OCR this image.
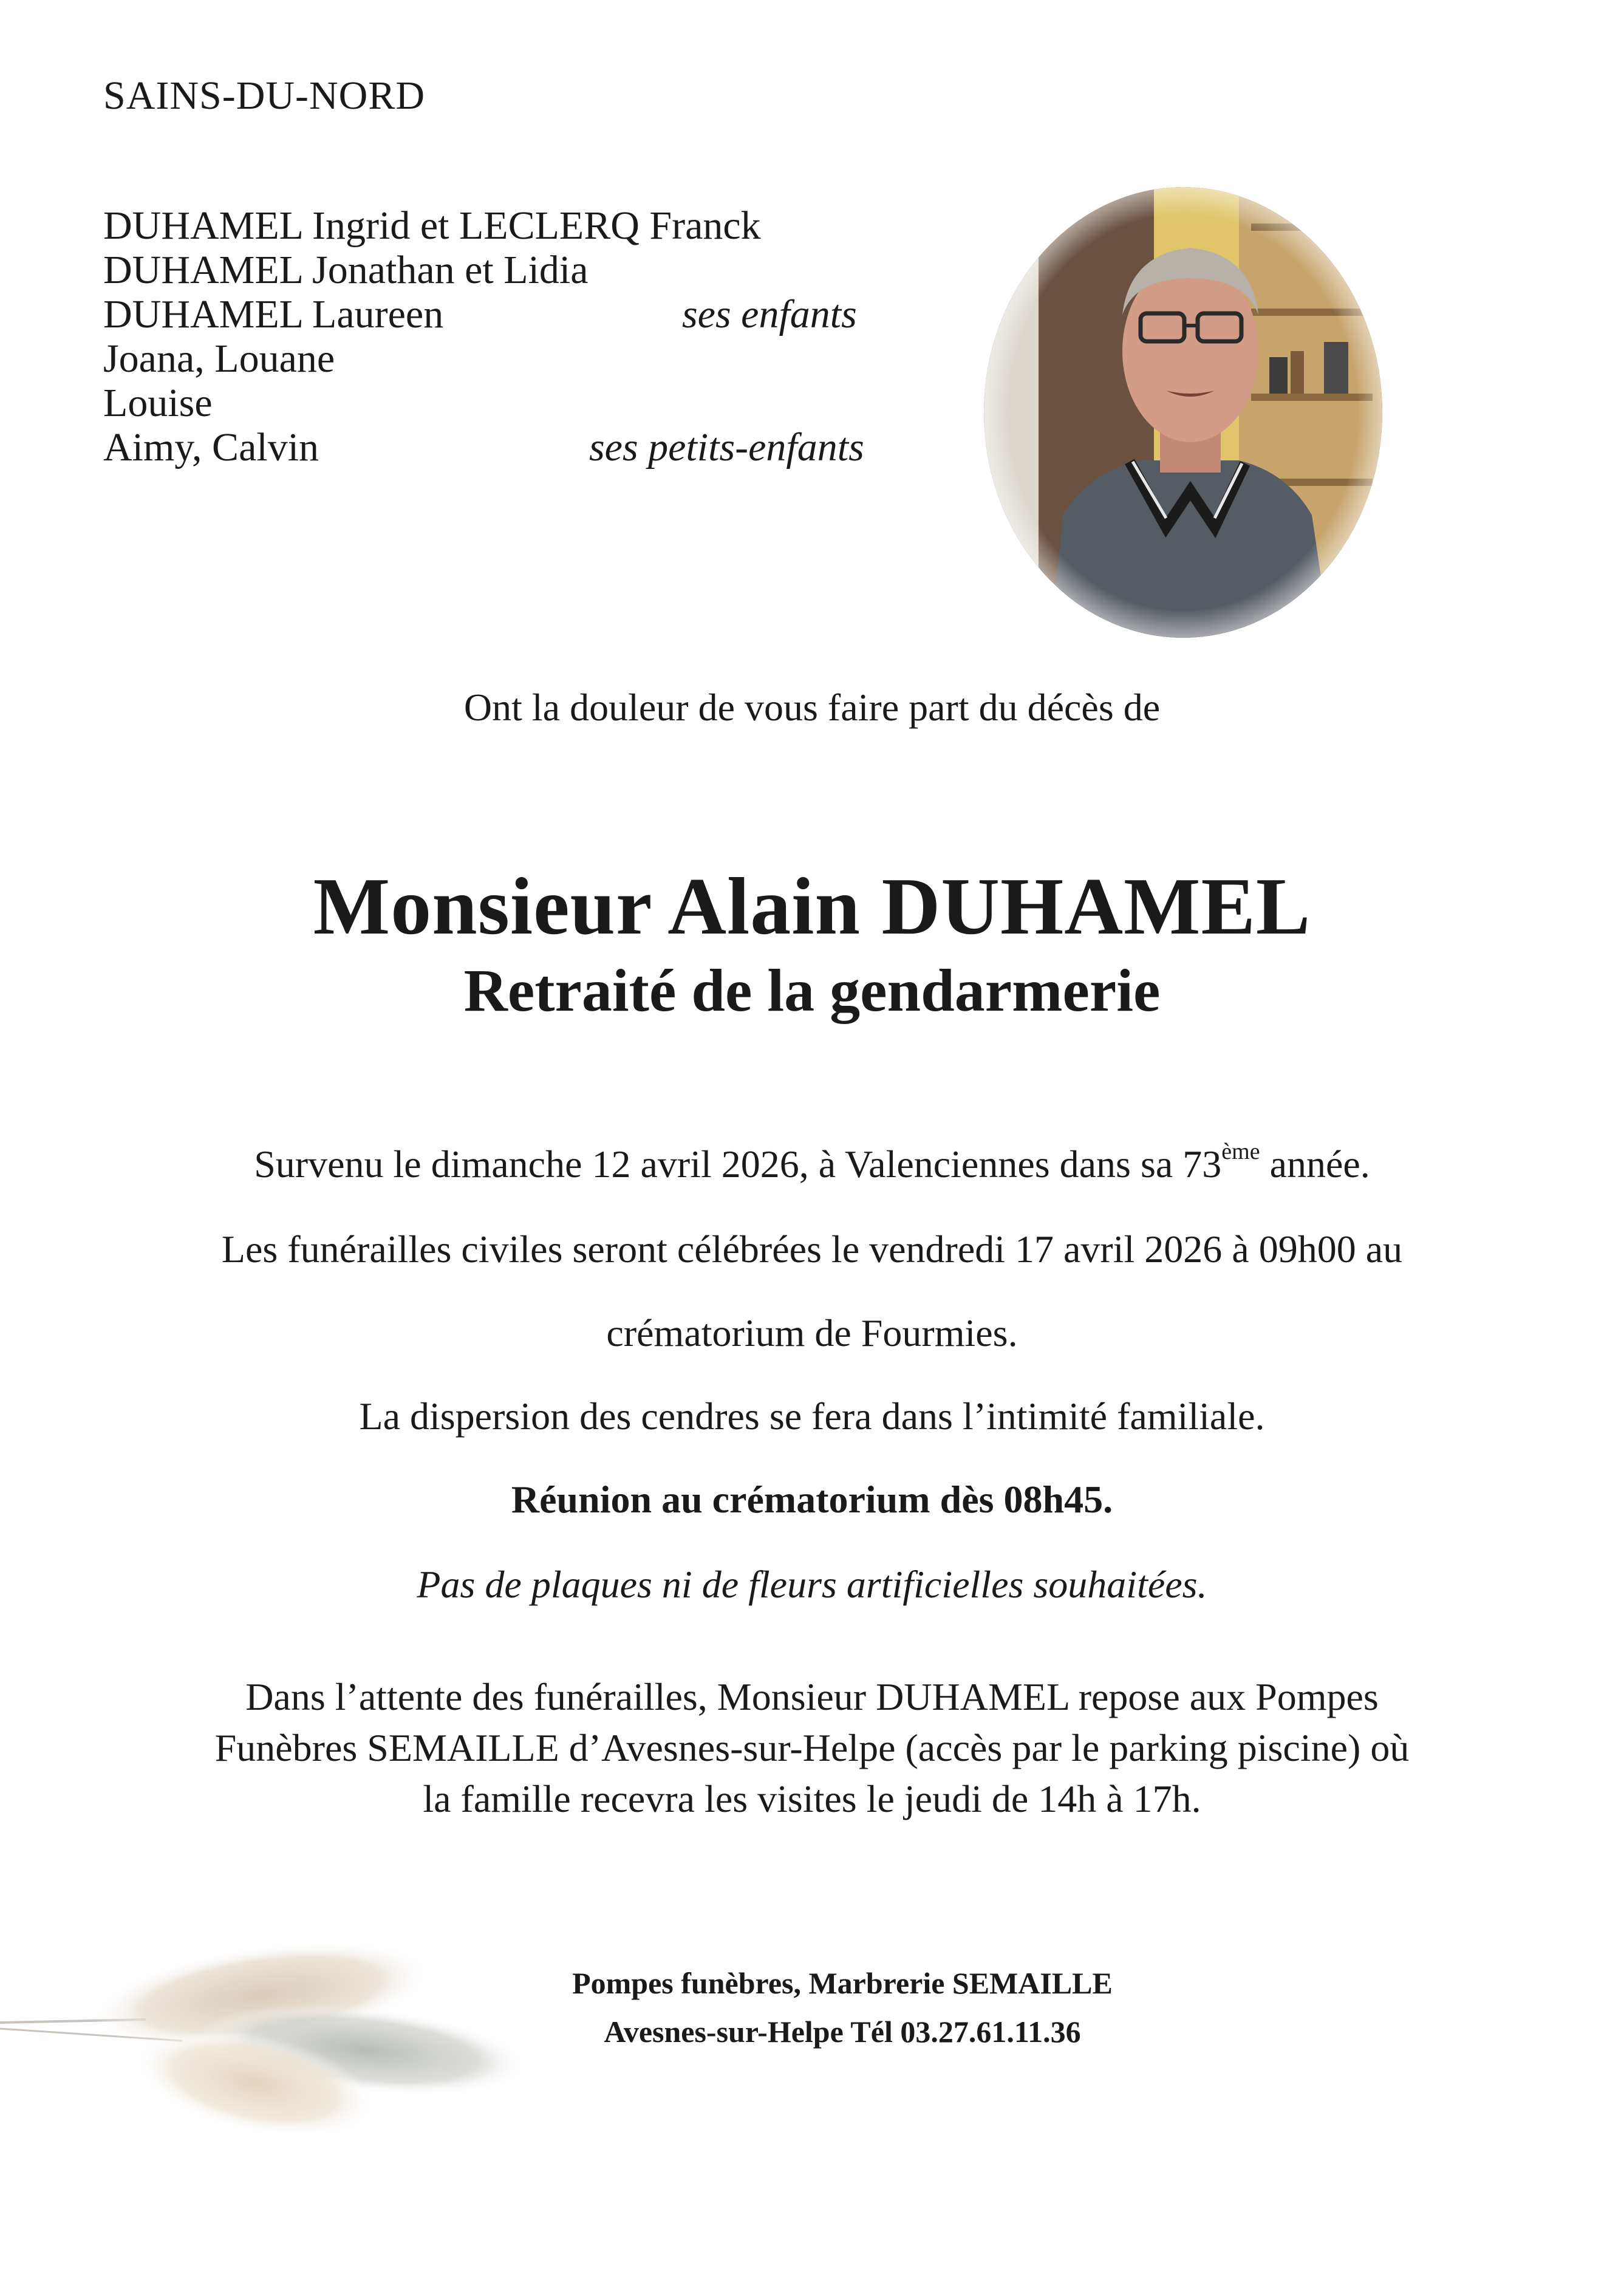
SAINS-DU-NORD
DUHAMEL Ingrid et LECLERQ Franck
DUHAMEL Jonathan et Lidia
DUHAMEL Laureen	ses enfants
Joana, Louane
Louise
Aimy, Calvin	ses petits-enfants
Ont la douleur de vous faire part du décès de
Monsieur Alain DUHAMEL
Retraité de la gendarmerie
Survenu le dimanche 12 avril 2026, à Valenciennes dans sa 73ème année.
Les funérailles civiles seront célébrées le vendredi 17 avril 2026 à 09h00 au
crématorium de Fourmies.
La dispersion des cendres se fera dans l’intimité familiale.
Réunion au crématorium dès 08h45.
Pas de plaques ni de fleurs artificielles souhaitées.
Dans l’attente des funérailles, Monsieur DUHAMEL repose aux Pompes
Funèbres SEMAILLE d’Avesnes-sur-Helpe (accès par le parking piscine) où
la famille recevra les visites le jeudi de 14h à 17h.
Pompes funèbres, Marbrerie SEMAILLE
Avesnes-sur-Helpe Tél 03.27.61.11.36
